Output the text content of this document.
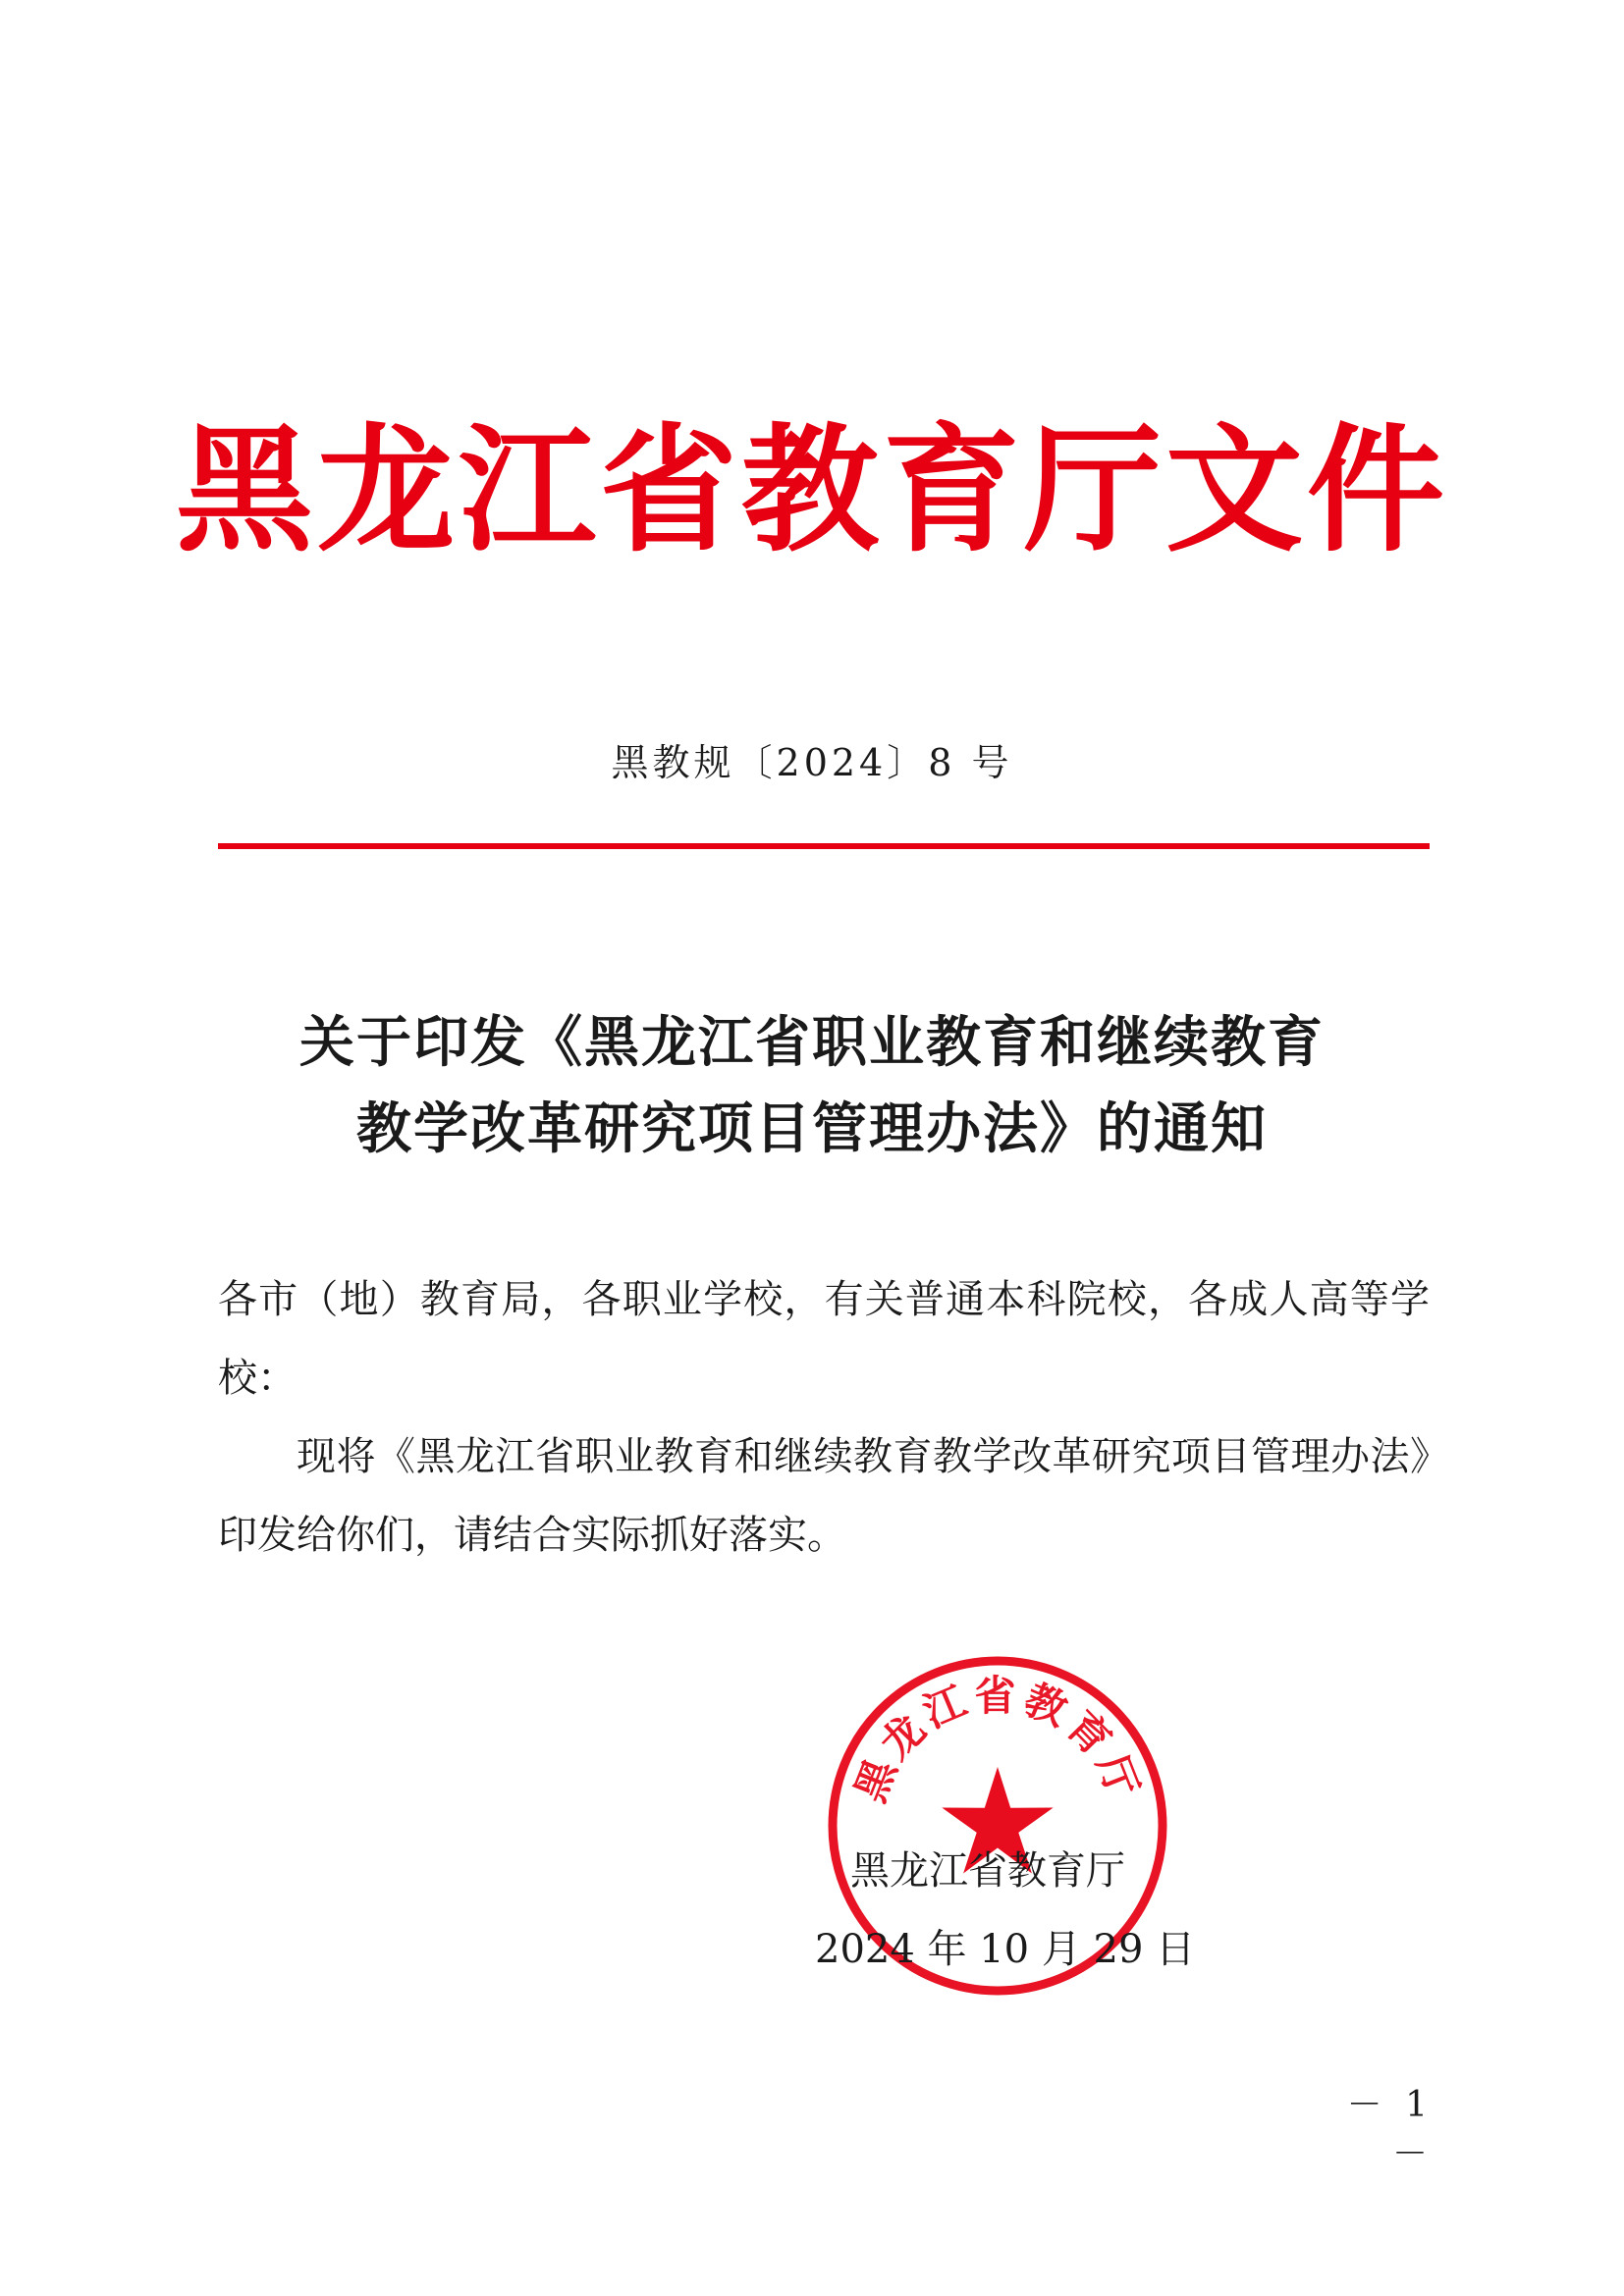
黑龙江省教育厅文件
黑教规〔2024〕8 号
关于印发《黑龙江省职业教育和继续教育
教学改革研究项目管理办法》的通知

各市（地）教育局，各职业学校，有关普通本科院校，各成人高等学校：

现将《黑龙江省职业教育和继续教育教学改革研究项目管理办法》印发给你们，请结合实际抓好落实。

黑龙江省教育厅
黑龙江省教育厅
2024 年 10 月 29 日
－ 1 －
